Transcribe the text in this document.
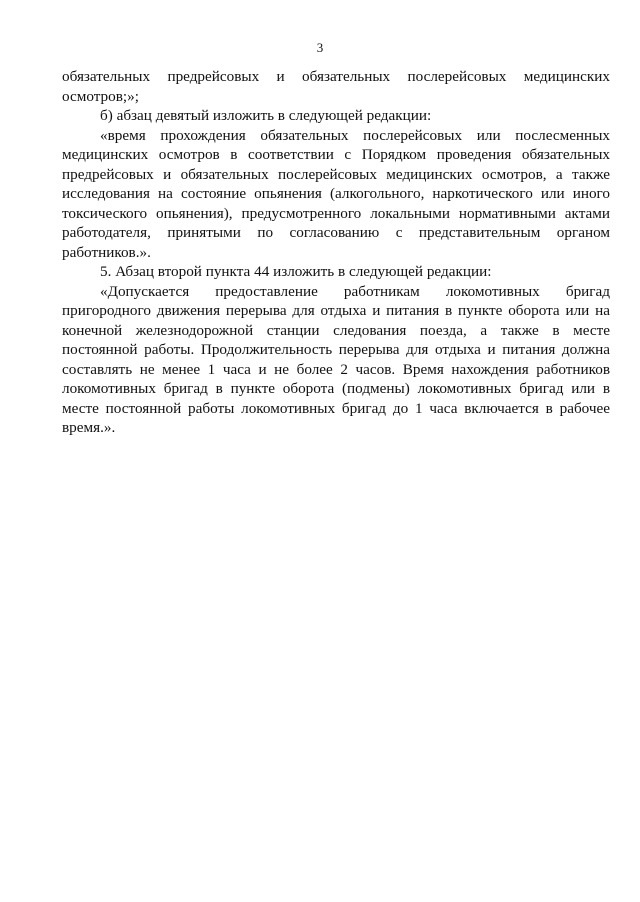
3

обязательных предрейсовых и обязательных послерейсовых медицинских осмотров;»;

б) абзац девятый изложить в следующей редакции:

«время прохождения обязательных послерейсовых или послесменных медицинских осмотров в соответствии с Порядком проведения обязательных предрейсовых и обязательных послерейсовых медицинских осмотров, а также исследования на состояние опьянения (алкогольного, наркотического или иного токсического опьянения), предусмотренного локальными нормативными актами работодателя, принятыми по согласованию с представительным органом работников.».

5. Абзац второй пункта 44 изложить в следующей редакции:

«Допускается предоставление работникам локомотивных бригад пригородного движения перерыва для отдыха и питания в пункте оборота или на конечной железнодорожной станции следования поезда, а также в месте постоянной работы. Продолжительность перерыва для отдыха и питания должна составлять не менее 1 часа и не более 2 часов. Время нахождения работников локомотивных бригад в пункте оборота (подмены) локомотивных бригад или в месте постоянной работы локомотивных бригад до 1 часа включается в рабочее время.».
